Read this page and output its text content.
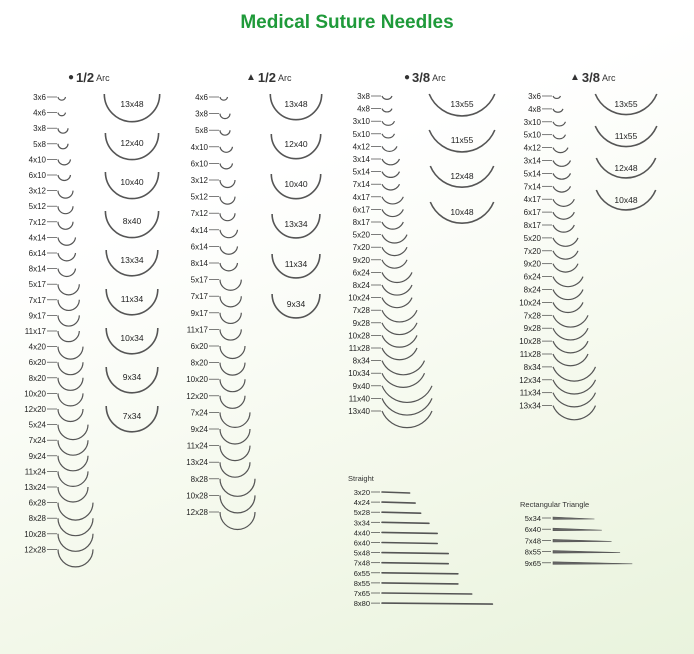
Medical Suture Needles
● 1/2 Arc	▲ 1/2 Arc	● 3/8 Arc	▲ 3/8 Arc
Straight
Rectangular Triangle
3x6
4x6
3x8
5x8
4x10
6x10
3x12
5x12
7x12
4x14
6x14
8x14
5x17
7x17
9x17
11x17
4x20
6x20
8x20
10x20
12x20
5x24
7x24
9x24
11x24
13x24
6x28
8x28
10x28
12x28
13x48
12x40
10x40
8x40
13x34
11x34
10x34
9x34
7x34
4x6
3x8
5x8
4x10
6x10
3x12
5x12
7x12
4x14
6x14
8x14
5x17
7x17
9x17
11x17
6x20
8x20
10x20
12x20
7x24
9x24
11x24
13x24
8x28
10x28
12x28
13x48
12x40
10x40
13x34
11x34
9x34
3x8
4x8
3x10
5x10
4x12
3x14
5x14
7x14
4x17
6x17
8x17
5x20
7x20
9x20
6x24
8x24
10x24
7x28
9x28
10x28
11x28
8x34
10x34
9x40
11x40
13x40
13x55
11x55
12x48
10x48
3x6
4x8
3x10
5x10
4x12
3x14
5x14
7x14
4x17
6x17
8x17
5x20
7x20
9x20
6x24
8x24
10x24
7x28
9x28
10x28
11x28
8x34
12x34
11x34
13x34
13x55
11x55
12x48
10x48
3x20
4x24
5x28
3x34
4x40
6x40
5x48
7x48
6x55
8x55
7x65
8x80
5x34
6x40
7x48
8x55
9x65
